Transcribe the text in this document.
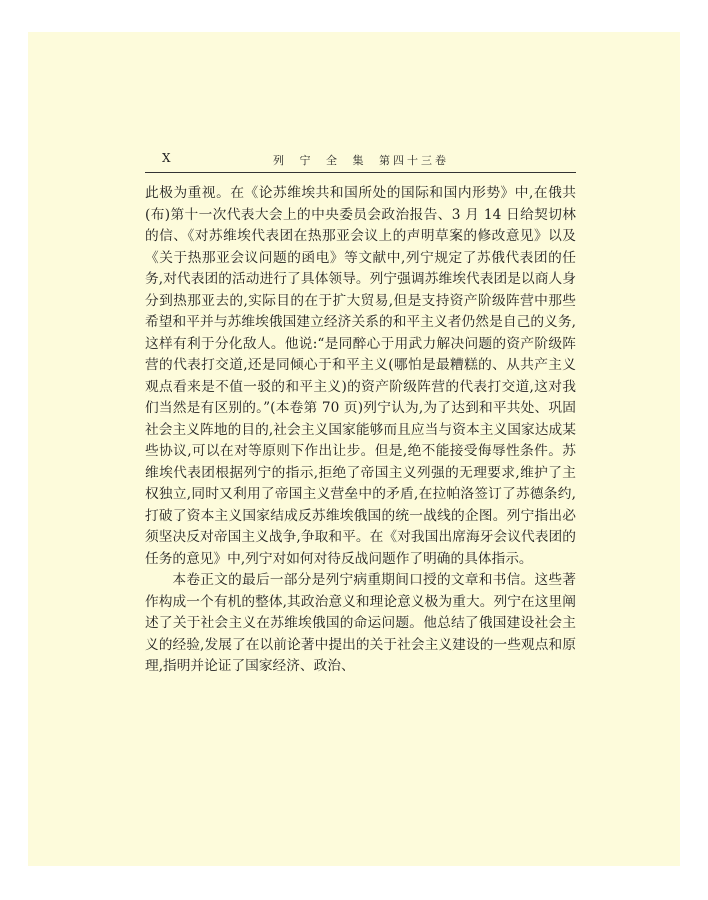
X	列 宁 全 集 第四十三卷

此极为重视。在《论苏维埃共和国所处的国际和国内形势》中,在俄共(布)第十一次代表大会上的中央委员会政治报告、3 月 14 日给契切林的信、《对苏维埃代表团在热那亚会议上的声明草案的修改意见》以及《关于热那亚会议问题的函电》等文献中,列宁规定了苏俄代表团的任务,对代表团的活动进行了具体领导。列宁强调苏维埃代表团是以商人身分到热那亚去的,实际目的在于扩大贸易,但是支持资产阶级阵营中那些希望和平并与苏维埃俄国建立经济关系的和平主义者仍然是自己的义务,这样有利于分化敌人。他说:“是同醉心于用武力解决问题的资产阶级阵营的代表打交道,还是同倾心于和平主义(哪怕是最糟糕的、从共产主义观点看来是不值一驳的和平主义)的资产阶级阵营的代表打交道,这对我们当然是有区别的。”(本卷第 70 页)列宁认为,为了达到和平共处、巩固社会主义阵地的目的,社会主义国家能够而且应当与资本主义国家达成某些协议,可以在对等原则下作出让步。但是,绝不能接受侮辱性条件。苏维埃代表团根据列宁的指示,拒绝了帝国主义列强的无理要求,维护了主权独立,同时又利用了帝国主义营垒中的矛盾,在拉帕洛签订了苏德条约,打破了资本主义国家结成反苏维埃俄国的统一战线的企图。列宁指出必须坚决反对帝国主义战争,争取和平。在《对我国出席海牙会议代表团的任务的意见》中,列宁对如何对待反战问题作了明确的具体指示。

本卷正文的最后一部分是列宁病重期间口授的文章和书信。这些著作构成一个有机的整体,其政治意义和理论意义极为重大。列宁在这里阐述了关于社会主义在苏维埃俄国的命运问题。他总结了俄国建设社会主义的经验,发展了在以前论著中提出的关于社会主义建设的一些观点和原理,指明并论证了国家经济、政治、
